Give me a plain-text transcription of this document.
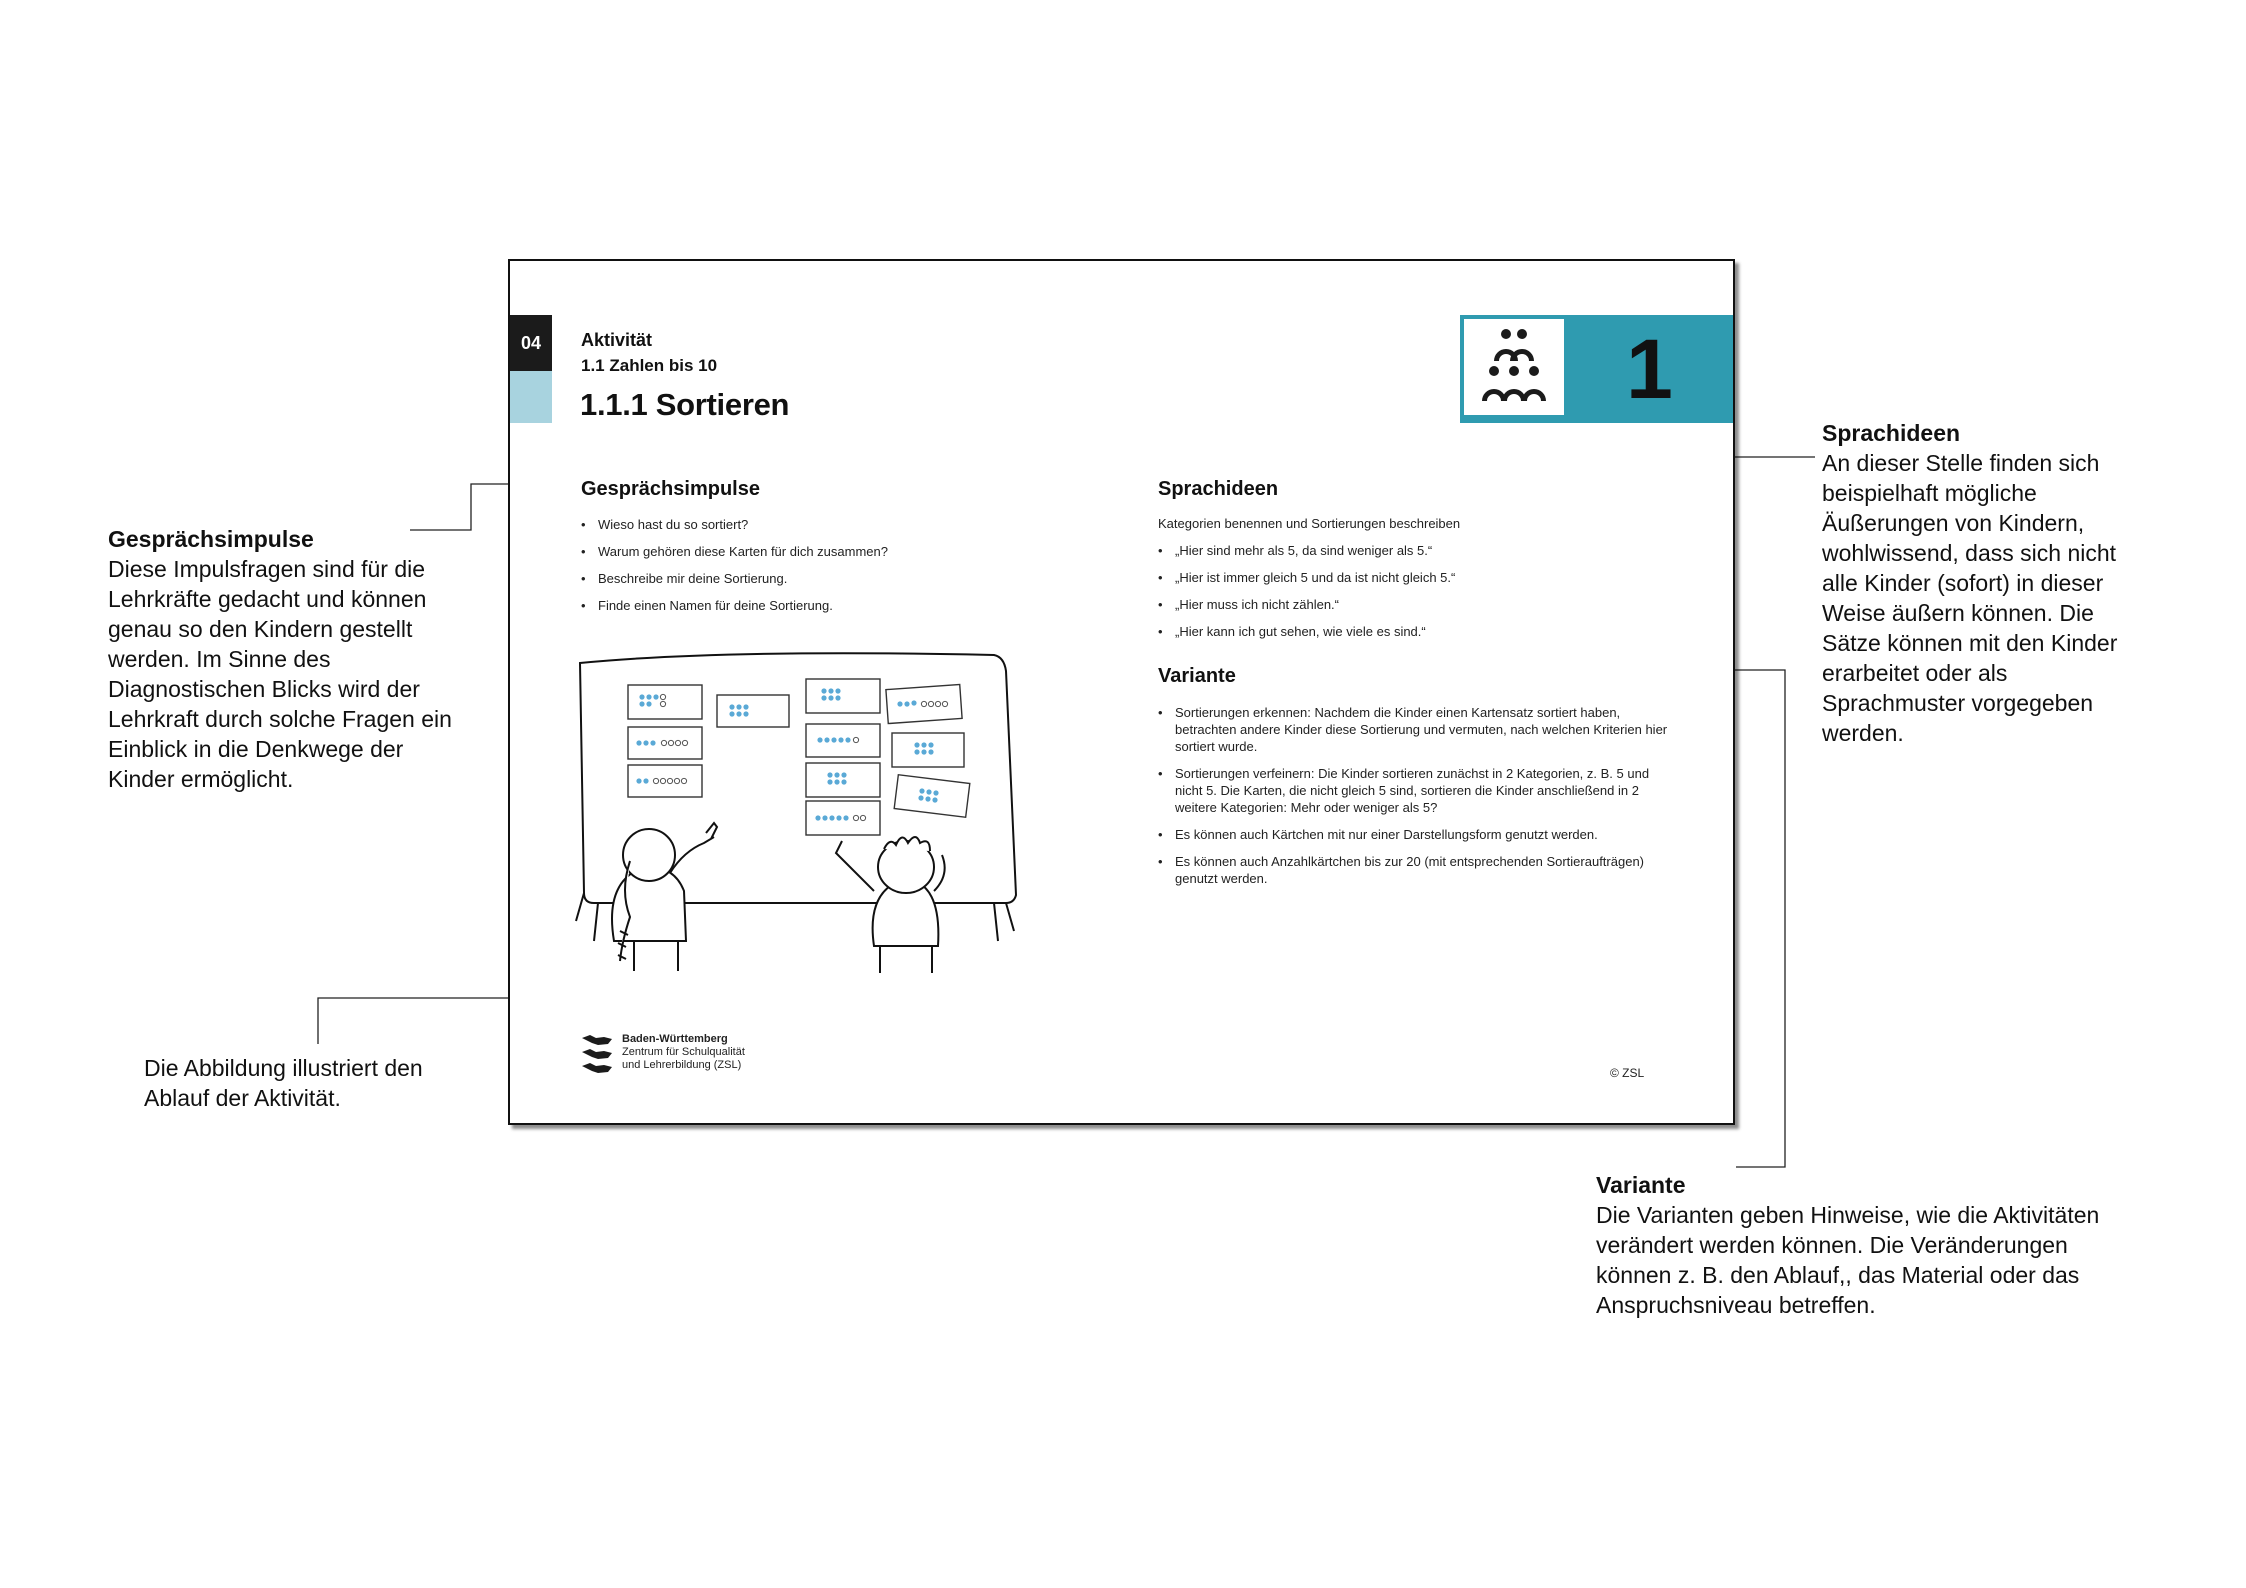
Gesprächsimpulse
Diese Impulsfragen sind für die Lehrkräfte gedacht und können genau so den Kindern gestellt werden. Im Sinne des Diagnostischen Blicks wird der Lehrkraft durch solche Fragen ein Einblick in die Denkwege der Kinder ermöglicht.
Sprachideen
An dieser Stelle finden sich beispielhaft mögliche Äußerungen von Kindern, wohlwissend, dass sich nicht alle Kinder (sofort) in dieser Weise äußern können. Die Sätze können mit den Kinder erarbeitet oder als Sprachmuster vorgegeben werden.
Variante
Die Varianten geben Hinweise, wie die Aktivitäten verändert werden können. Die Veränderungen können z. B. den Ablauf,, das Material oder das Anspruchsniveau betreffen.
Die Abbildung illustriert den Ablauf der Aktivität.
04	Aktivität
1.1 Zahlen bis 10
1.1.1 Sortieren	1
Gesprächsimpulse
• Wieso hast du so sortiert?
• Warum gehören diese Karten für dich zusammen?
• Beschreibe mir deine Sortierung.
• Finde einen Namen für deine Sortierung.
Sprachideen
Kategorien benennen und Sortierungen beschreiben
• „Hier sind mehr als 5, da sind weniger als 5.“
• „Hier ist immer gleich 5 und da ist nicht gleich 5.“
• „Hier muss ich nicht zählen.“
• „Hier kann ich gut sehen, wie viele es sind.“
Variante
• Sortierungen erkennen: Nachdem die Kinder einen Kartensatz sortiert haben, betrachten andere Kinder diese Sortierung und vermuten, nach welchen Kriterien hier sortiert wurde.
• Sortierungen verfeinern: Die Kinder sortieren zunächst in 2 Kategorien, z. B. 5 und nicht 5. Die Karten, die nicht gleich 5 sind, sortieren die Kinder anschließend in 2 weitere Kategorien: Mehr oder weniger als 5?
• Es können auch Kärtchen mit nur einer Darstellungsform genutzt werden.
• Es können auch Anzahlkärtchen bis zur 20 (mit entsprechenden Sortieraufträgen) genutzt werden.
Baden-Württemberg
Zentrum für Schulqualität
und Lehrerbildung (ZSL)
© ZSL
